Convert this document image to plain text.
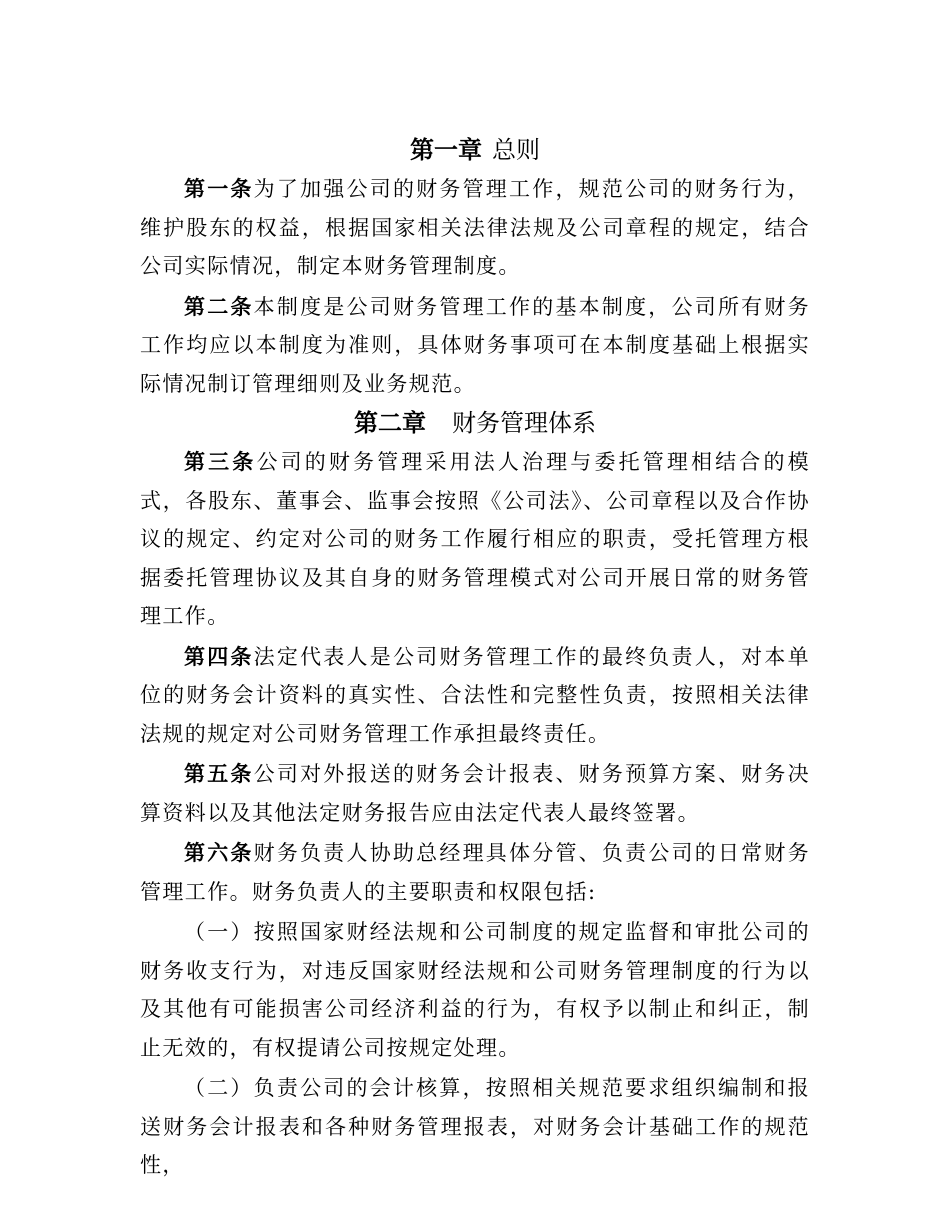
第一章 总则

第一条为了加强公司的财务管理工作，规范公司的财务行为，维护股东的权益，根据国家相关法律法规及公司章程的规定，结合公司实际情况，制定本财务管理制度。

第二条本制度是公司财务管理工作的基本制度，公司所有财务工作均应以本制度为准则，具体财务事项可在本制度基础上根据实际情况制订管理细则及业务规范。

第二章 财务管理体系

第三条公司的财务管理采用法人治理与委托管理相结合的模式，各股东、董事会、监事会按照《公司法》、公司章程以及合作协议的规定、约定对公司的财务工作履行相应的职责，受托管理方根据委托管理协议及其自身的财务管理模式对公司开展日常的财务管理工作。

第四条法定代表人是公司财务管理工作的最终负责人，对本单位的财务会计资料的真实性、合法性和完整性负责，按照相关法律法规的规定对公司财务管理工作承担最终责任。

第五条公司对外报送的财务会计报表、财务预算方案、财务决算资料以及其他法定财务报告应由法定代表人最终签署。

第六条财务负责人协助总经理具体分管、负责公司的日常财务管理工作。财务负责人的主要职责和权限包括:

（一）按照国家财经法规和公司制度的规定监督和审批公司的财务收支行为，对违反国家财经法规和公司财务管理制度的行为以及其他有可能损害公司经济利益的行为，有权予以制止和纠正，制止无效的，有权提请公司按规定处理。

（二）负责公司的会计核算，按照相关规范要求组织编制和报送财务会计报表和各种财务管理报表，对财务会计基础工作的规范性，
